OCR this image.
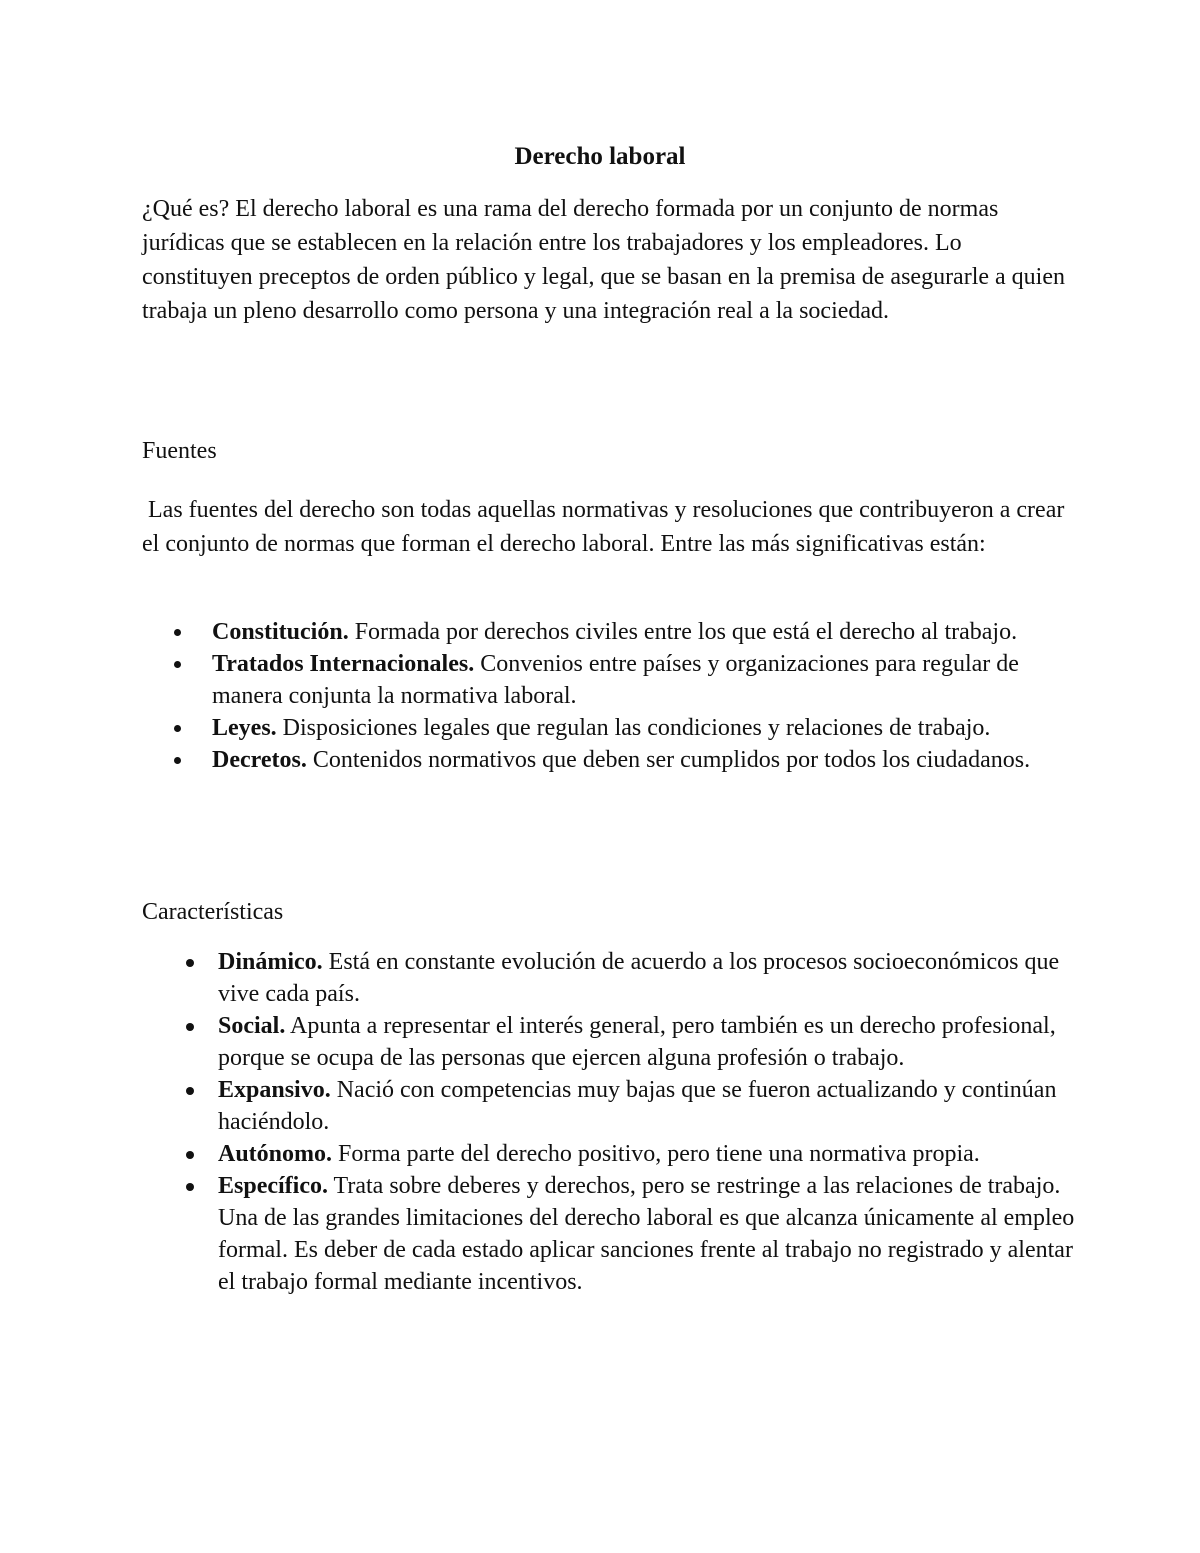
Derecho laboral

¿Qué es? El derecho laboral es una rama del derecho formada por un conjunto de normas jurídicas que se establecen en la relación entre los trabajadores y los empleadores. Lo constituyen preceptos de orden público y legal, que se basan en la premisa de asegurarle a quien trabaja un pleno desarrollo como persona y una integración real a la sociedad.

Fuentes

Las fuentes del derecho son todas aquellas normativas y resoluciones que contribuyeron a crear el conjunto de normas que forman el derecho laboral. Entre las más significativas están:

Constitución. Formada por derechos civiles entre los que está el derecho al trabajo.
Tratados Internacionales. Convenios entre países y organizaciones para regular de manera conjunta la normativa laboral.
Leyes. Disposiciones legales que regulan las condiciones y relaciones de trabajo.
Decretos. Contenidos normativos que deben ser cumplidos por todos los ciudadanos.

Características

Dinámico. Está en constante evolución de acuerdo a los procesos socioeconómicos que vive cada país.
Social. Apunta a representar el interés general, pero también es un derecho profesional, porque se ocupa de las personas que ejercen alguna profesión o trabajo.
Expansivo. Nació con competencias muy bajas que se fueron actualizando y continúan haciéndolo.
Autónomo. Forma parte del derecho positivo, pero tiene una normativa propia.
Específico. Trata sobre deberes y derechos, pero se restringe a las relaciones de trabajo. Una de las grandes limitaciones del derecho laboral es que alcanza únicamente al empleo formal. Es deber de cada estado aplicar sanciones frente al trabajo no registrado y alentar el trabajo formal mediante incentivos.
